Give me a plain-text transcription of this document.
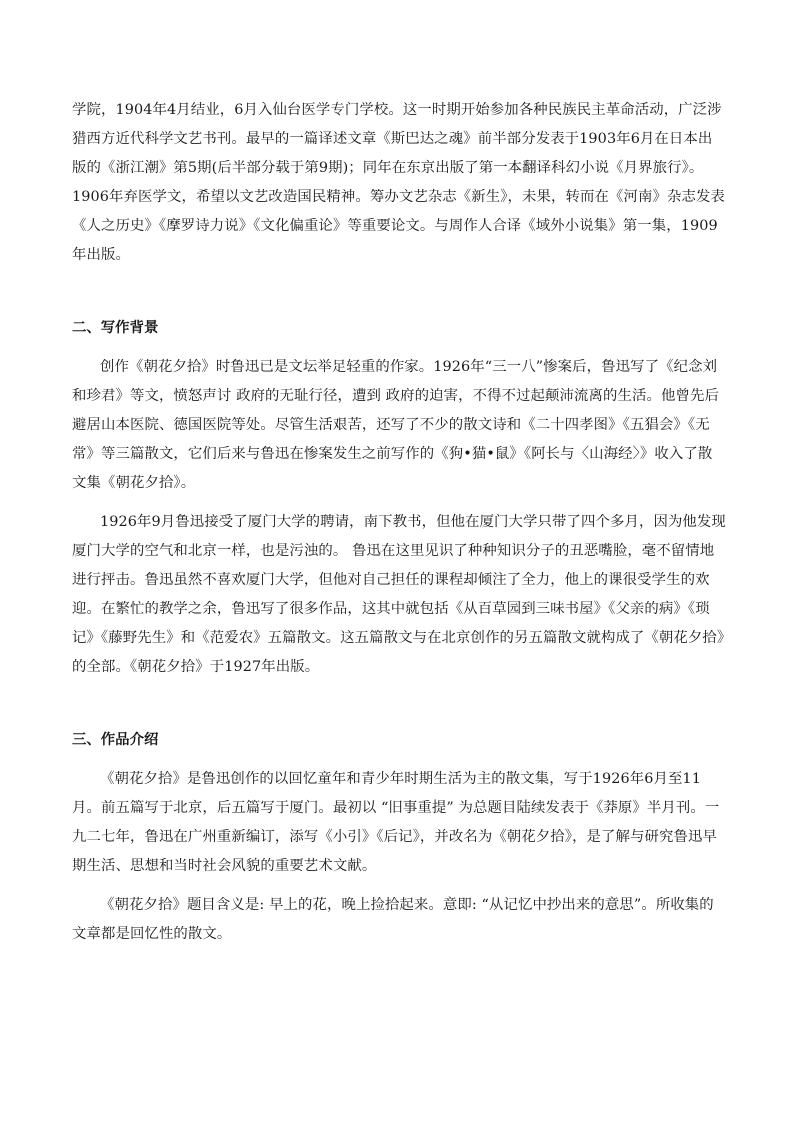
学院，1904年4月结业，6月入仙台医学专门学校。这一时期开始参加各种民族民主革命活动，广泛涉猎西方近代科学文艺书刊。最早的一篇译述文章《斯巴达之魂》前半部分发表于1903年6月在日本出版的《浙江潮》第5期(后半部分载于第9期)；同年在东京出版了第一本翻译科幻小说《月界旅行》。1906年弃医学文，希望以文艺改造国民精神。筹办文艺杂志《新生》，未果，转而在《河南》杂志发表《人之历史》《摩罗诗力说》《文化偏重论》等重要论文。与周作人合译《域外小说集》第一集，1909年出版。

二、写作背景

创作《朝花夕拾》时鲁迅已是文坛举足轻重的作家。1926年“三一八”惨案后，鲁迅写了《纪念刘和珍君》等文，愤怒声讨 政府的无耻行径，遭到 政府的迫害，不得不过起颠沛流离的生活。他曾先后避居山本医院、德国医院等处。尽管生活艰苦，还写了不少的散文诗和《二十四孝图》《五猖会》《无常》等三篇散文，它们后来与鲁迅在惨案发生之前写作的《狗•猫•鼠》《阿长与〈山海经〉》收入了散文集《朝花夕拾》。

1926年9月鲁迅接受了厦门大学的聘请，南下教书，但他在厦门大学只带了四个多月，因为他发现厦门大学的空气和北京一样，也是污浊的。 鲁迅在这里见识了种种知识分子的丑恶嘴脸，毫不留情地进行抨击。鲁迅虽然不喜欢厦门大学，但他对自己担任的课程却倾注了全力，他上的课很受学生的欢迎。在繁忙的教学之余，鲁迅写了很多作品，这其中就包括《从百草园到三味书屋》《父亲的病》《琐记》《藤野先生》和《范爱农》五篇散文。这五篇散文与在北京创作的另五篇散文就构成了《朝花夕拾》的全部。《朝花夕拾》于1927年出版。

三、作品介绍

《朝花夕拾》是鲁迅创作的以回忆童年和青少年时期生活为主的散文集，写于1926年6月至11月。前五篇写于北京，后五篇写于厦门。最初以 “旧事重提” 为总题目陆续发表于《莽原》半月刊。一九二七年，鲁迅在广州重新编订，添写《小引》《后记》，并改名为《朝花夕拾》，是了解与研究鲁迅早期生活、思想和当时社会风貌的重要艺术文献。

《朝花夕拾》题目含义是: 早上的花，晚上捡拾起来。意即: “从记忆中抄出来的意思”。所收集的文章都是回忆性的散文。
